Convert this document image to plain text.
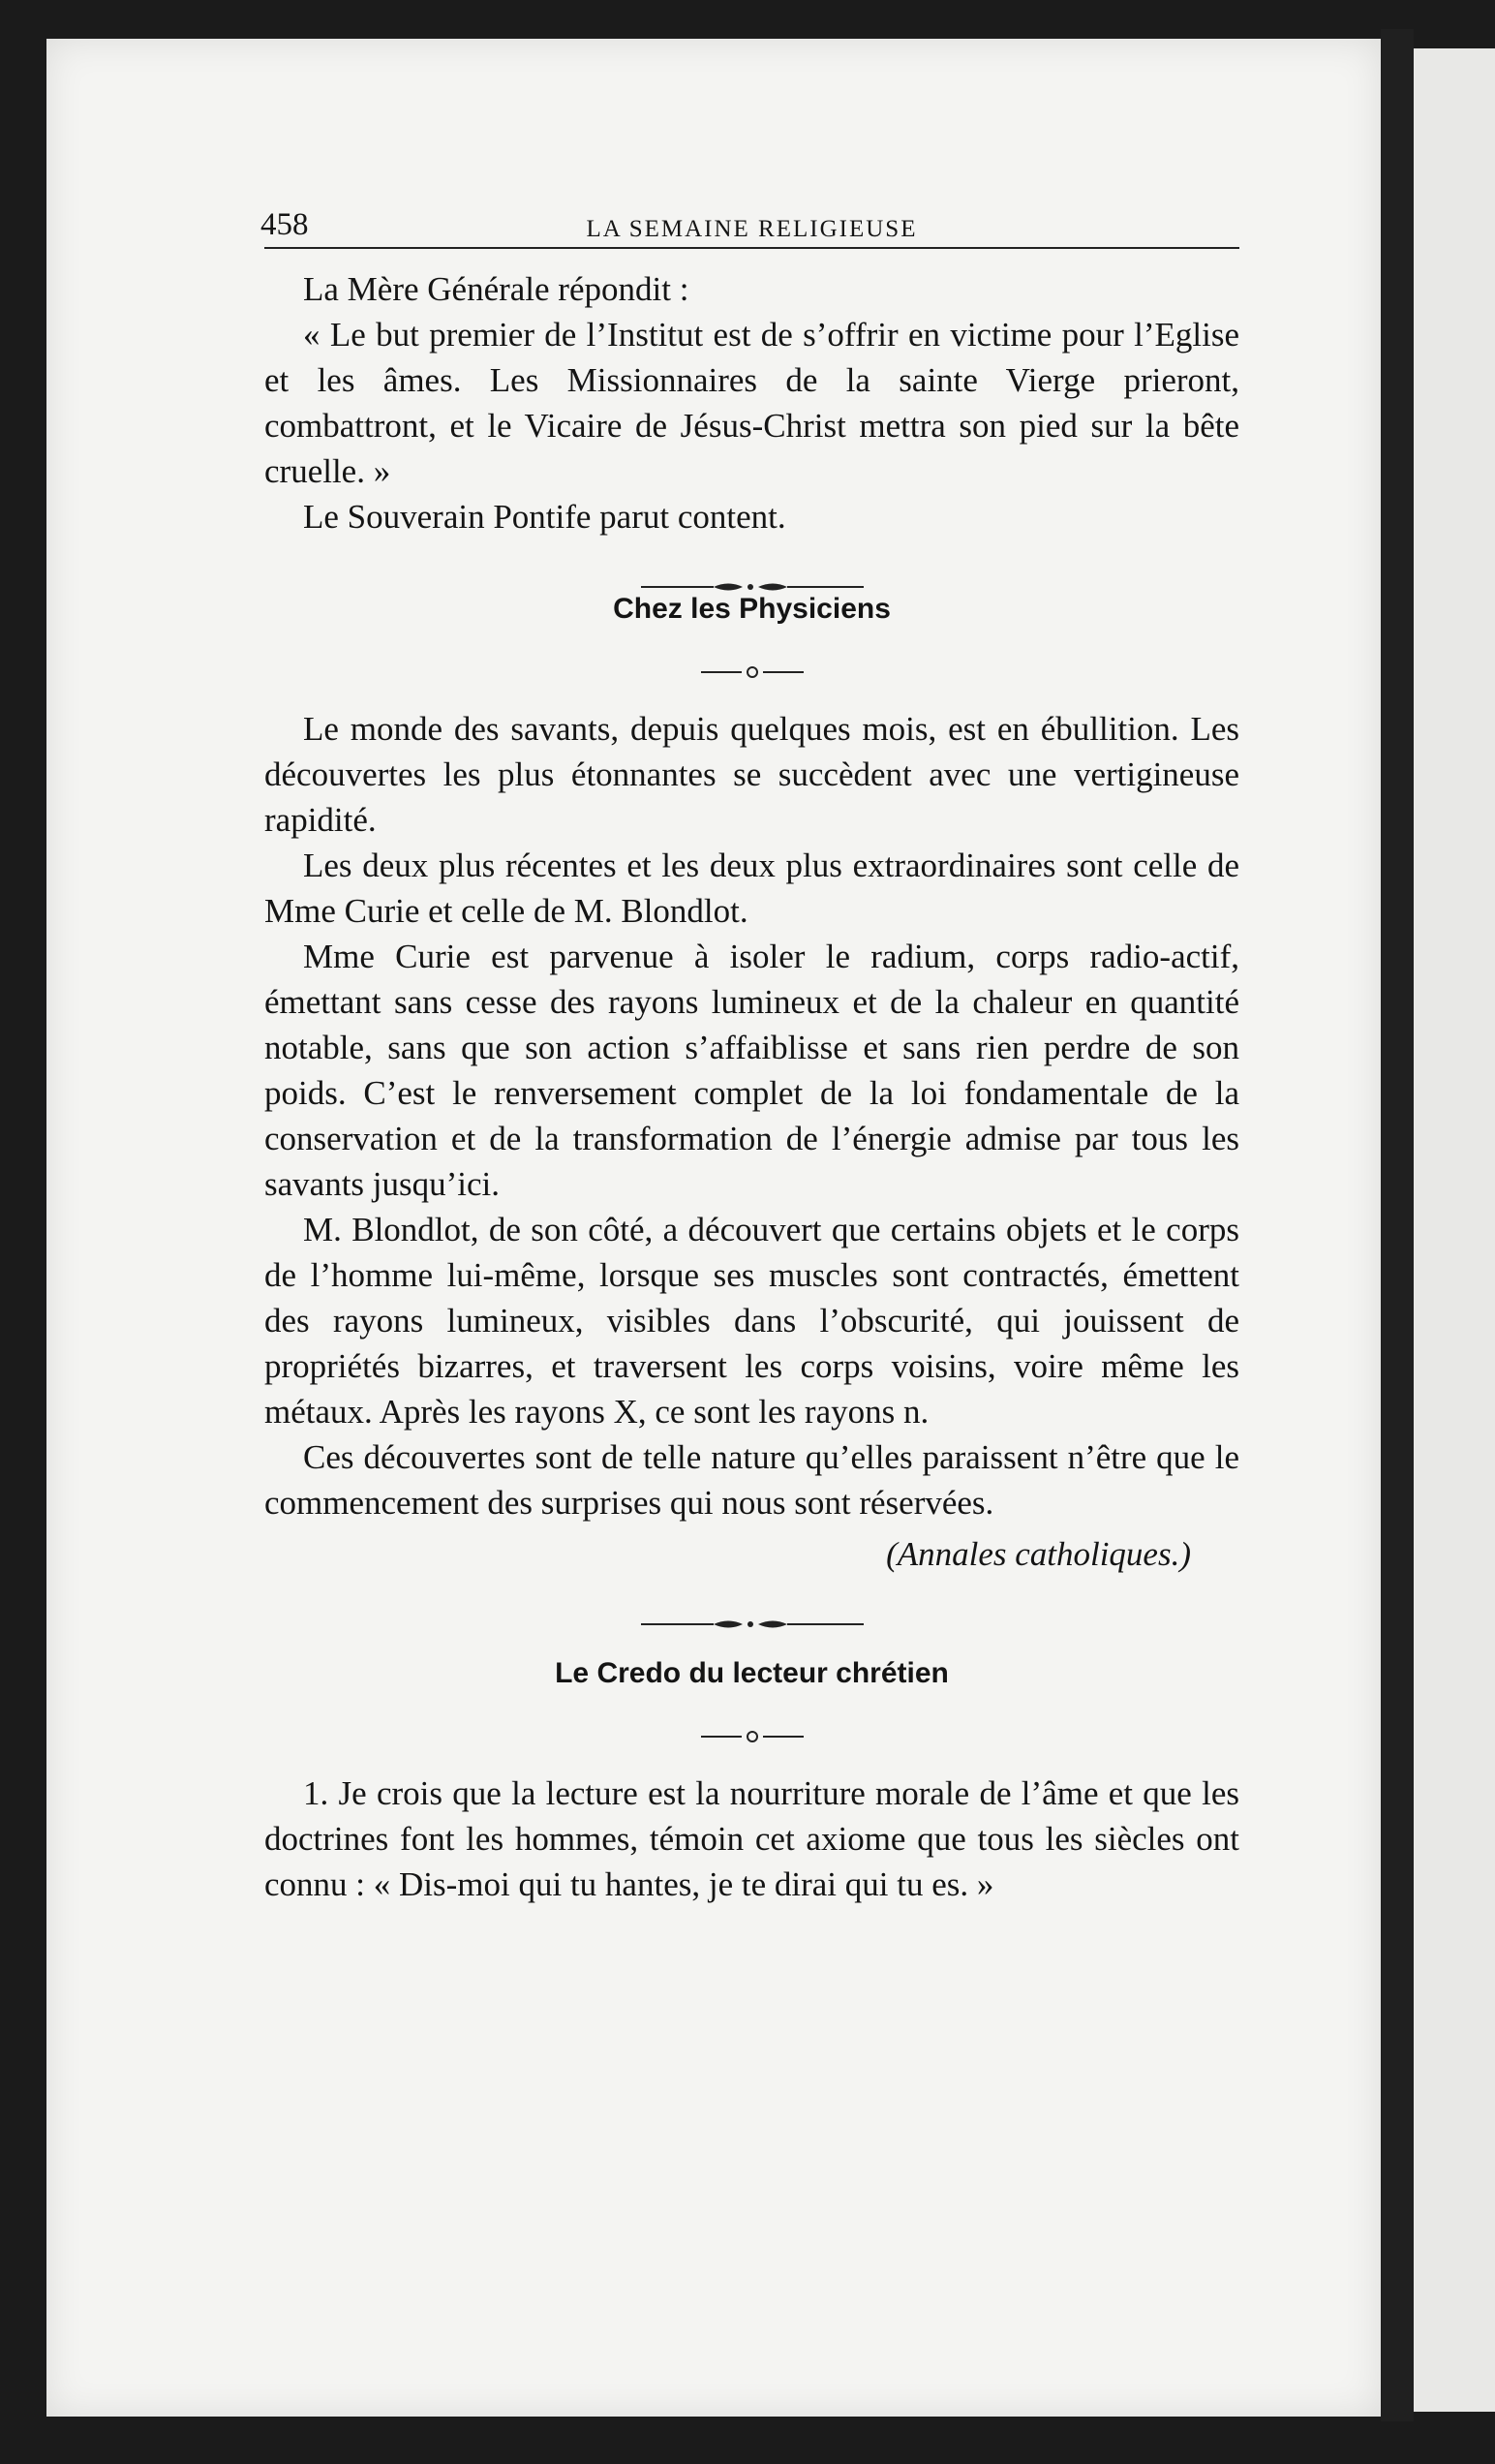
458	LA SEMAINE RELIGIEUSE

La Mère Générale répondit :

« Le but premier de l’Institut est de s’offrir en victime pour l’Eglise et les âmes. Les Missionnaires de la sainte Vierge prieront, combattront, et le Vicaire de Jésus-Christ mettra son pied sur la bête cruelle. »

Le Souverain Pontife parut content.

Chez les Physiciens

Le monde des savants, depuis quelques mois, est en ébullition. Les découvertes les plus étonnantes se succèdent avec une vertigineuse rapidité.

Les deux plus récentes et les deux plus extraordinaires sont celle de Mme Curie et celle de M. Blondlot.

Mme Curie est parvenue à isoler le radium, corps radio-actif, émettant sans cesse des rayons lumineux et de la chaleur en quantité notable, sans que son action s’affaiblisse et sans rien perdre de son poids. C’est le renversement complet de la loi fondamentale de la conservation et de la transformation de l’énergie admise par tous les savants jusqu’ici.

M. Blondlot, de son côté, a découvert que certains objets et le corps de l’homme lui-même, lorsque ses muscles sont contractés, émettent des rayons lumineux, visibles dans l’obscurité, qui jouissent de propriétés bizarres, et traversent les corps voisins, voire même les métaux. Après les rayons X, ce sont les rayons n.

Ces découvertes sont de telle nature qu’elles paraissent n’être que le commencement des surprises qui nous sont réservées.

(Annales catholiques.)
Le Credo du lecteur chrétien

1. Je crois que la lecture est la nourriture morale de l’âme et que les doctrines font les hommes, témoin cet axiome que tous les siècles ont connu : « Dis-moi qui tu hantes, je te dirai qui tu es. »
